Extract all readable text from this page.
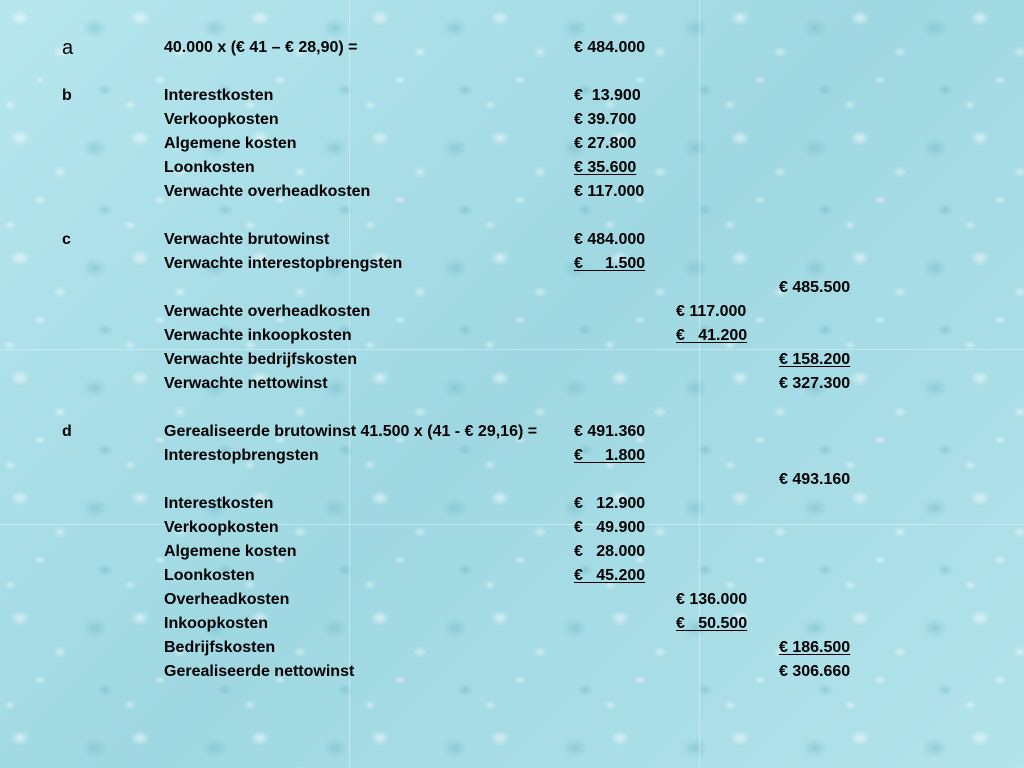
a	40.000 x (€ 41 – € 28,90) =	€ 484.000
b	Interestkosten	€  13.900
Verkoopkosten	€ 39.700
Algemene kosten	€ 27.800
Loonkosten	€ 35.600
Verwachte overheadkosten	€ 117.000
c	Verwachte brutowinst	€ 484.000
Verwachte interestopbrengsten	€     1.500
€ 485.500
Verwachte overheadkosten	€ 117.000
Verwachte inkoopkosten	€   41.200
Verwachte bedrijfskosten	€ 158.200
Verwachte nettowinst	€ 327.300
d	Gerealiseerde brutowinst 41.500 x (41 - € 29,16) = € 491.360
Interestopbrengsten	€     1.800
€ 493.160
Interestkosten	€   12.900
Verkoopkosten	€   49.900
Algemene kosten	€   28.000
Loonkosten	€   45.200
Overheadkosten	€ 136.000
Inkoopkosten	€   50.500
Bedrijfskosten	€ 186.500
Gerealiseerde nettowinst	€ 306.660
